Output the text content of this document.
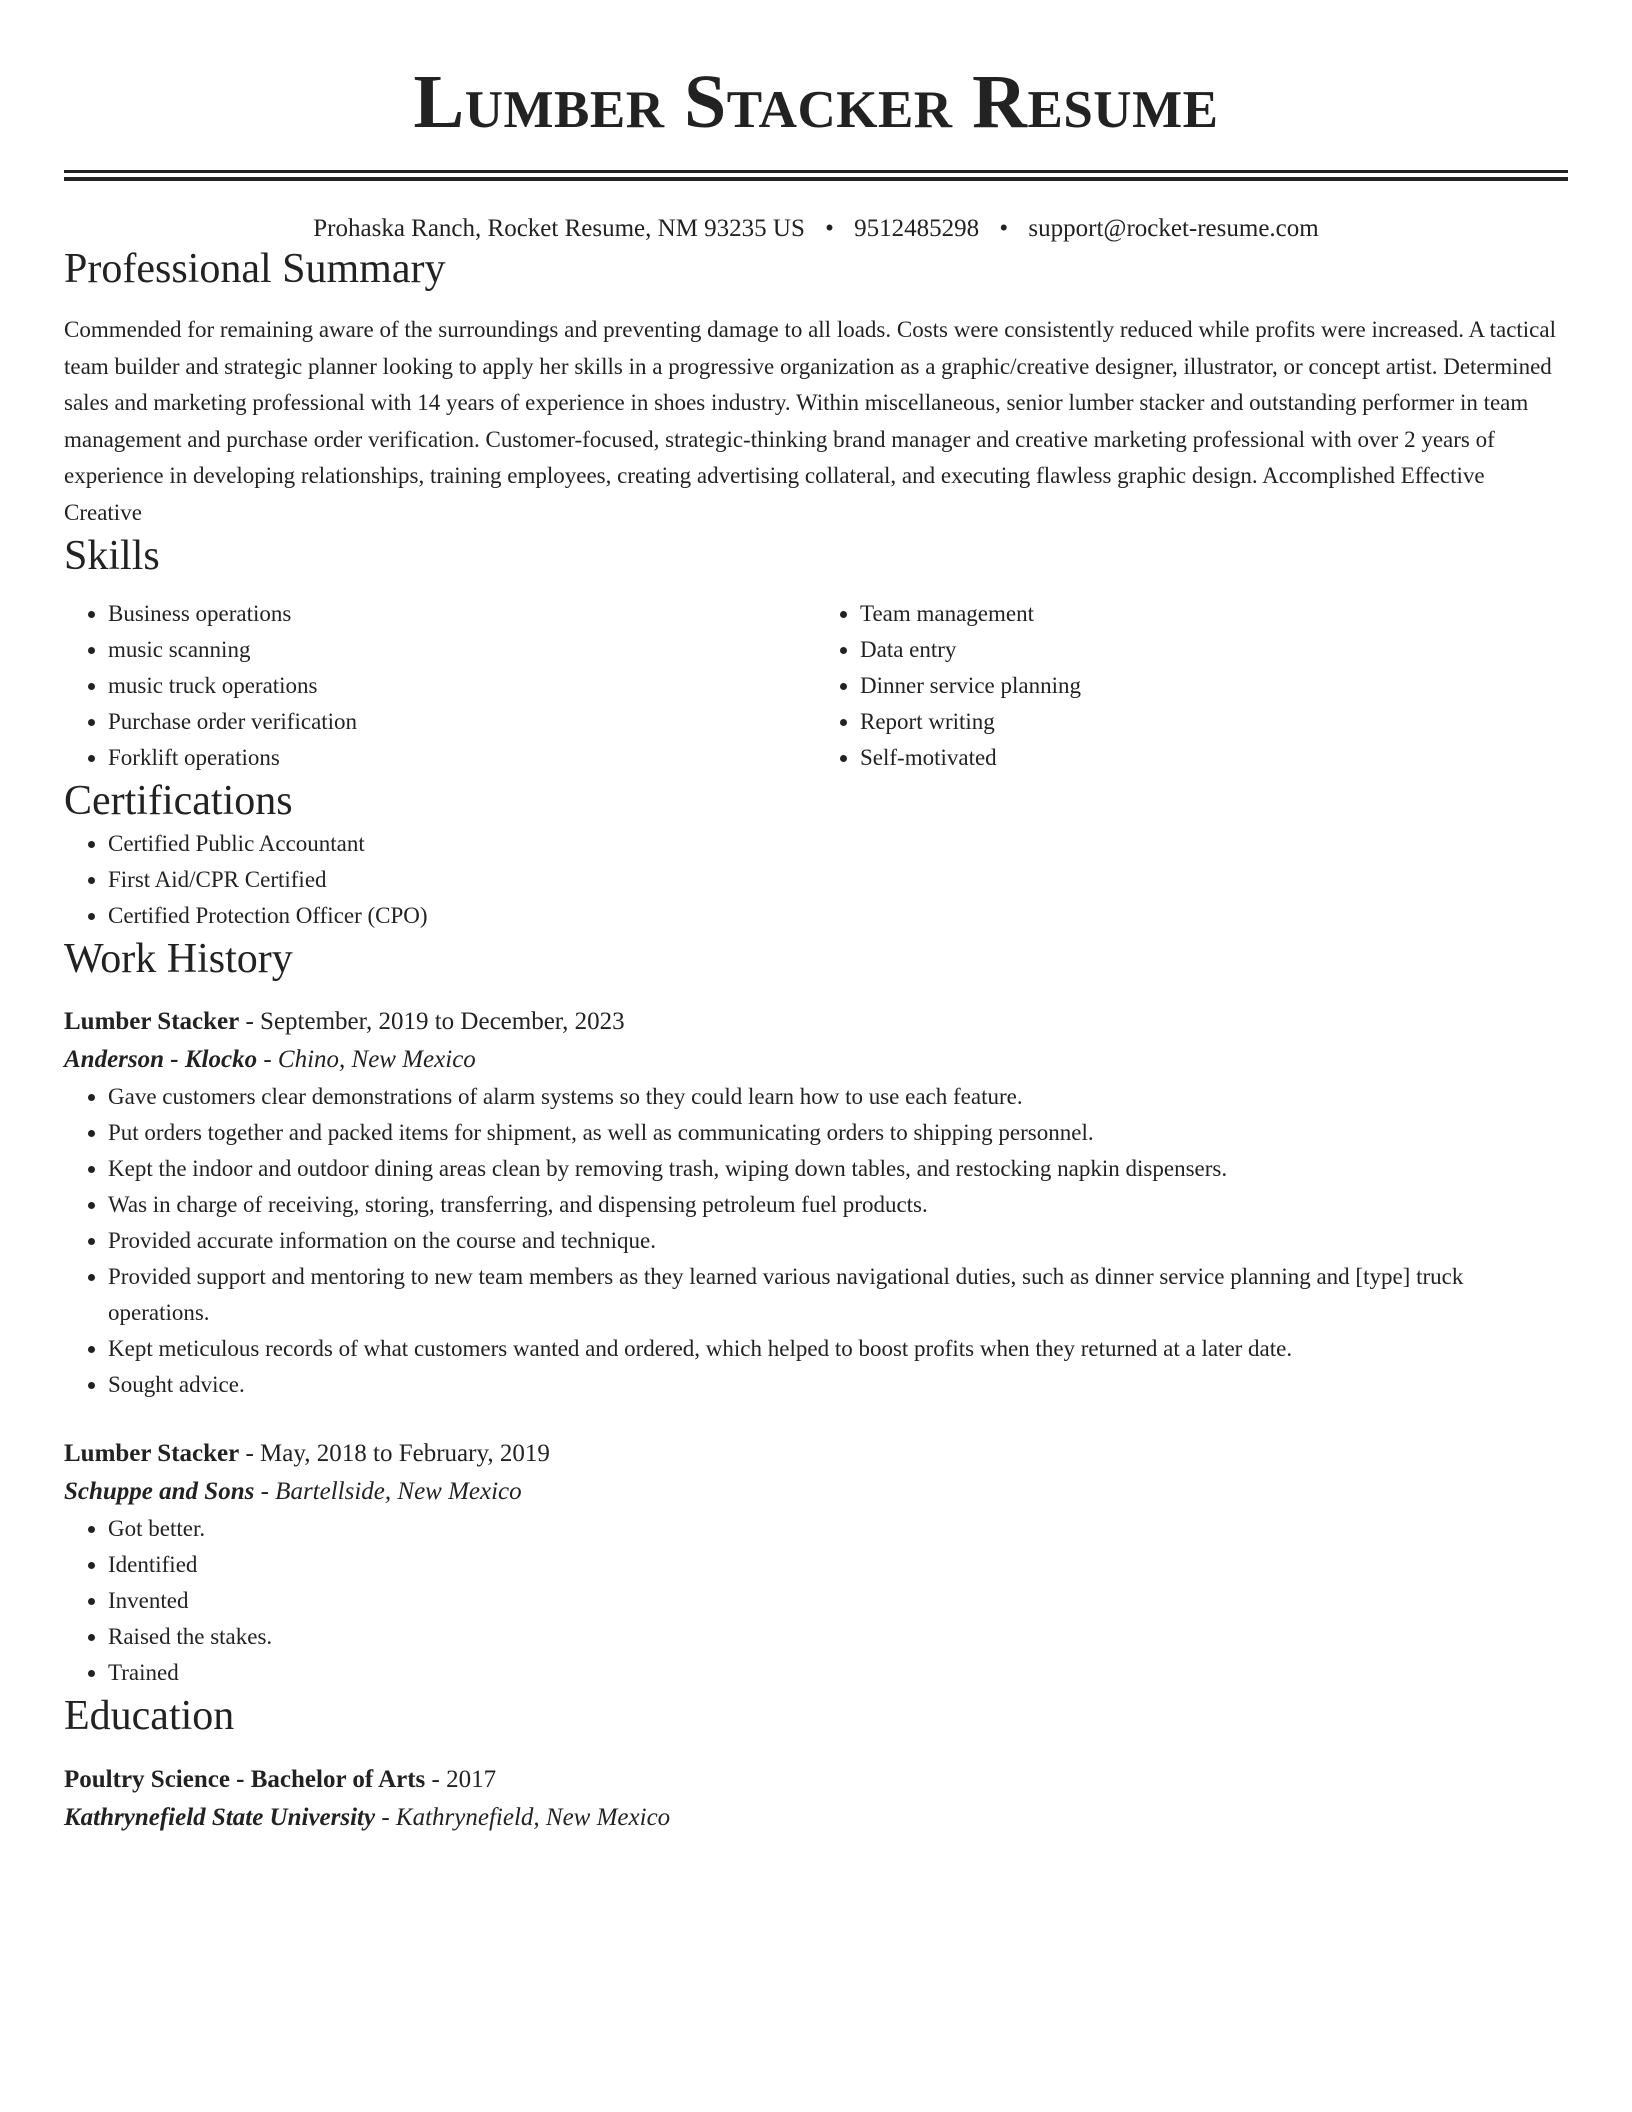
Lumber Stacker Resume
Prohaska Ranch, Rocket Resume, NM 93235 US • 9512485298 • support@rocket-resume.com
Professional Summary
Commended for remaining aware of the surroundings and preventing damage to all loads. Costs were consistently reduced while profits were increased. A tactical team builder and strategic planner looking to apply her skills in a progressive organization as a graphic/creative designer, illustrator, or concept artist. Determined sales and marketing professional with 14 years of experience in shoes industry. Within miscellaneous, senior lumber stacker and outstanding performer in team management and purchase order verification. Customer-focused, strategic-thinking brand manager and creative marketing professional with over 2 years of experience in developing relationships, training employees, creating advertising collateral, and executing flawless graphic design. Accomplished Effective Creative
Skills
• Business operations
• music scanning
• music truck operations
• Purchase order verification
• Forklift operations
• Team management
• Data entry
• Dinner service planning
• Report writing
• Self-motivated
Certifications
• Certified Public Accountant
• First Aid/CPR Certified
• Certified Protection Officer (CPO)
Work History
Lumber Stacker - September, 2019 to December, 2023
Anderson - Klocko - Chino, New Mexico
• Gave customers clear demonstrations of alarm systems so they could learn how to use each feature.
• Put orders together and packed items for shipment, as well as communicating orders to shipping personnel.
• Kept the indoor and outdoor dining areas clean by removing trash, wiping down tables, and restocking napkin dispensers.
• Was in charge of receiving, storing, transferring, and dispensing petroleum fuel products.
• Provided accurate information on the course and technique.
• Provided support and mentoring to new team members as they learned various navigational duties, such as dinner service planning and [type] truck operations.
• Kept meticulous records of what customers wanted and ordered, which helped to boost profits when they returned at a later date.
• Sought advice.
Lumber Stacker - May, 2018 to February, 2019
Schuppe and Sons - Bartellside, New Mexico
• Got better.
• Identified
• Invented
• Raised the stakes.
• Trained
Education
Poultry Science - Bachelor of Arts - 2017
Kathrynefield State University - Kathrynefield, New Mexico
